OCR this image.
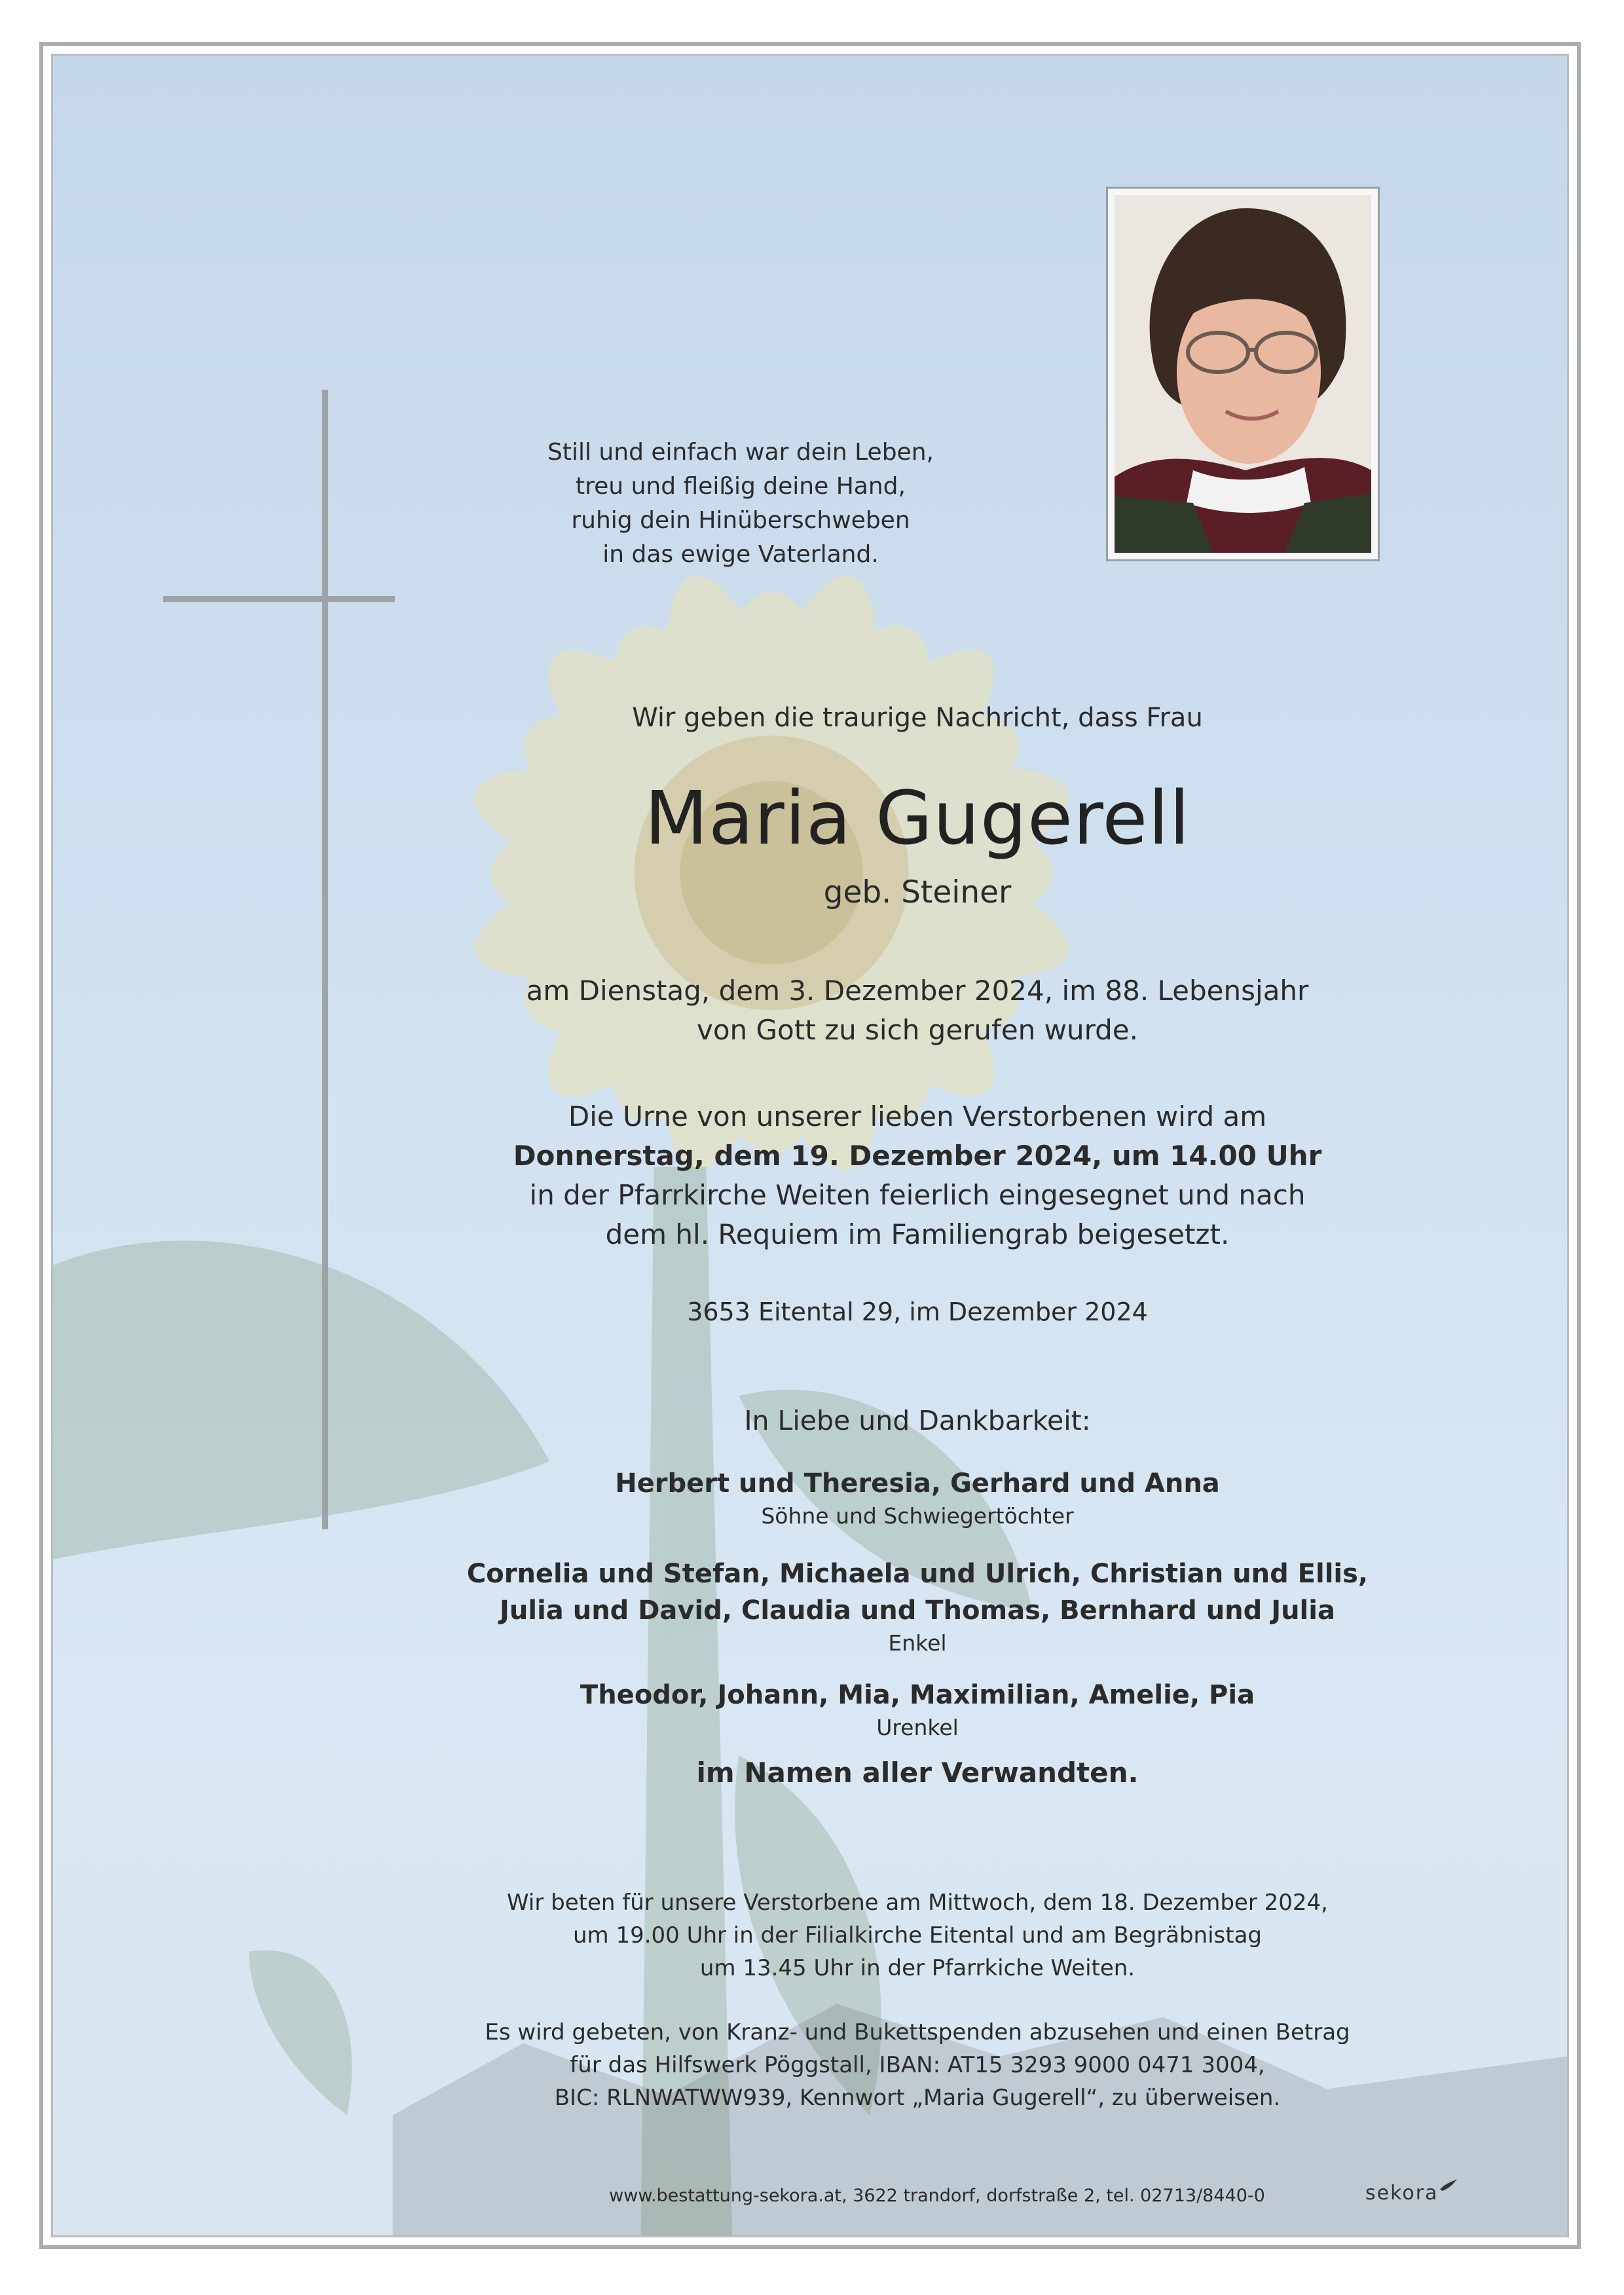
Still und einfach war dein Leben,
treu und fleißig deine Hand,
ruhig dein Hinüberschweben
in das ewige Vaterland.
Wir geben die traurige Nachricht, dass Frau
Maria Gugerell
geb. Steiner
am Dienstag, dem 3. Dezember 2024, im 88. Lebensjahr
von Gott zu sich gerufen wurde.
Die Urne von unserer lieben Verstorbenen wird am
Donnerstag, dem 19. Dezember 2024, um 14.00 Uhr
in der Pfarrkirche Weiten feierlich eingesegnet und nach
dem hl. Requiem im Familiengrab beigesetzt.
3653 Eitental 29, im Dezember 2024
In Liebe und Dankbarkeit:
Herbert und Theresia, Gerhard und Anna
Söhne und Schwiegertöchter
Cornelia und Stefan, Michaela und Ulrich, Christian und Ellis,
Julia und David, Claudia und Thomas, Bernhard und Julia
Enkel
Theodor, Johann, Mia, Maximilian, Amelie, Pia
Urenkel
im Namen aller Verwandten.
Wir beten für unsere Verstorbene am Mittwoch, dem 18. Dezember 2024,
um 19.00 Uhr in der Filialkirche Eitental und am Begräbnistag
um 13.45 Uhr in der Pfarrkiche Weiten.
Es wird gebeten, von Kranz- und Bukettspenden abzusehen und einen Betrag
für das Hilfswerk Pöggstall, IBAN: AT15 3293 9000 0471 3004,
BIC: RLNWATWW939, Kennwort „Maria Gugerell“, zu überweisen.
www.bestattung-sekora.at, 3622 trandorf, dorfstraße 2, tel. 02713/8440-0	sekora
